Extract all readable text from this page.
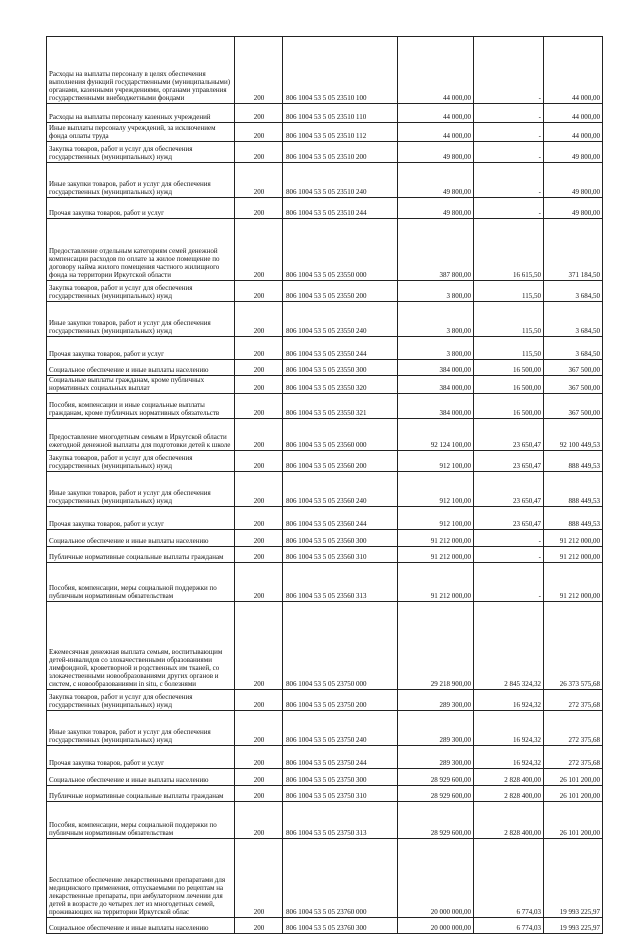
Расходы на выплаты персоналу в целях обеспечения выполнения функций государственными (муниципальными) органами, казенными учреждениями, органами управления государственными внебюджетными фондами	200	806 1004 53 5 05 23510 100	44 000,00	-	44 000,00
Расходы на выплаты персоналу казенных учреждений	200	806 1004 53 5 05 23510 110	44 000,00	-	44 000,00
Иные выплаты персоналу учреждений, за исключением фонда оплаты труда	200	806 1004 53 5 05 23510 112	44 000,00	-	44 000,00
Закупка товаров, работ и услуг для обеспечения государственных (муниципальных) нужд	200	806 1004 53 5 05 23510 200	49 800,00	-	49 800,00
Иные закупки товаров, работ и услуг для обеспечения государственных (муниципальных) нужд	200	806 1004 53 5 05 23510 240	49 800,00	-	49 800,00
Прочая закупка товаров, работ и услуг	200	806 1004 53 5 05 23510 244	49 800,00	-	49 800,00
Предоставление отдельным категориям семей денежной компенсации расходов по оплате за жилое помещение по договору найма жилого помещения частного жилищного фонда на территории Иркутской области	200	806 1004 53 5 05 23550 000	387 800,00	16 615,50	371 184,50
Закупка товаров, работ и услуг для обеспечения государственных (муниципальных) нужд	200	806 1004 53 5 05 23550 200	3 800,00	115,50	3 684,50
Иные закупки товаров, работ и услуг для обеспечения государственных (муниципальных) нужд	200	806 1004 53 5 05 23550 240	3 800,00	115,50	3 684,50
Прочая закупка товаров, работ и услуг	200	806 1004 53 5 05 23550 244	3 800,00	115,50	3 684,50
Социальное обеспечение и иные выплаты населению	200	806 1004 53 5 05 23550 300	384 000,00	16 500,00	367 500,00
Социальные выплаты гражданам, кроме публичных нормативных социальных выплат	200	806 1004 53 5 05 23550 320	384 000,00	16 500,00	367 500,00
Пособия, компенсации и иные социальные выплаты гражданам, кроме публичных нормативных обязательств	200	806 1004 53 5 05 23550 321	384 000,00	16 500,00	367 500,00
Предоставление многодетным семьям в Иркутской области ежегодной денежной выплаты для подготовки детей к школе	200	806 1004 53 5 05 23560 000	92 124 100,00	23 650,47	92 100 449,53
Закупка товаров, работ и услуг для обеспечения государственных (муниципальных) нужд	200	806 1004 53 5 05 23560 200	912 100,00	23 650,47	888 449,53
Иные закупки товаров, работ и услуг для обеспечения государственных (муниципальных) нужд	200	806 1004 53 5 05 23560 240	912 100,00	23 650,47	888 449,53
Прочая закупка товаров, работ и услуг	200	806 1004 53 5 05 23560 244	912 100,00	23 650,47	888 449,53
Социальное обеспечение и иные выплаты населению	200	806 1004 53 5 05 23560 300	91 212 000,00	-	91 212 000,00
Публичные нормативные социальные выплаты гражданам	200	806 1004 53 5 05 23560 310	91 212 000,00	-	91 212 000,00
Пособия, компенсации, меры социальной поддержки по публичным нормативным обязательствам	200	806 1004 53 5 05 23560 313	91 212 000,00	-	91 212 000,00
Ежемесячная денежная выплата семьям, воспитывающим детей-инвалидов со злокачественными образованиями лимфоидной, кроветворной и родственных им тканей, со злокачественными новообразованиями других органов и систем, с новообразованиями in situ, с болезнями	200	806 1004 53 5 05 23750 000	29 218 900,00	2 845 324,32	26 373 575,68
Закупка товаров, работ и услуг для обеспечения государственных (муниципальных) нужд	200	806 1004 53 5 05 23750 200	289 300,00	16 924,32	272 375,68
Иные закупки товаров, работ и услуг для обеспечения государственных (муниципальных) нужд	200	806 1004 53 5 05 23750 240	289 300,00	16 924,32	272 375,68
Прочая закупка товаров, работ и услуг	200	806 1004 53 5 05 23750 244	289 300,00	16 924,32	272 375,68
Социальное обеспечение и иные выплаты населению	200	806 1004 53 5 05 23750 300	28 929 600,00	2 828 400,00	26 101 200,00
Публичные нормативные социальные выплаты гражданам	200	806 1004 53 5 05 23750 310	28 929 600,00	2 828 400,00	26 101 200,00
Пособия, компенсации, меры социальной поддержки по публичным нормативным обязательствам	200	806 1004 53 5 05 23750 313	28 929 600,00	2 828 400,00	26 101 200,00
Бесплатное обеспечение лекарственными препаратами для медицинского применения, отпускаемыми по рецептам на лекарственные препараты, при амбулаторном лечении для детей в возрасте до четырех лет из многодетных семей, проживающих на территории Иркутской облас	200	806 1004 53 5 05 23760 000	20 000 000,00	6 774,03	19 993 225,97
Социальное обеспечение и иные выплаты населению	200	806 1004 53 5 05 23760 300	20 000 000,00	6 774,03	19 993 225,97
